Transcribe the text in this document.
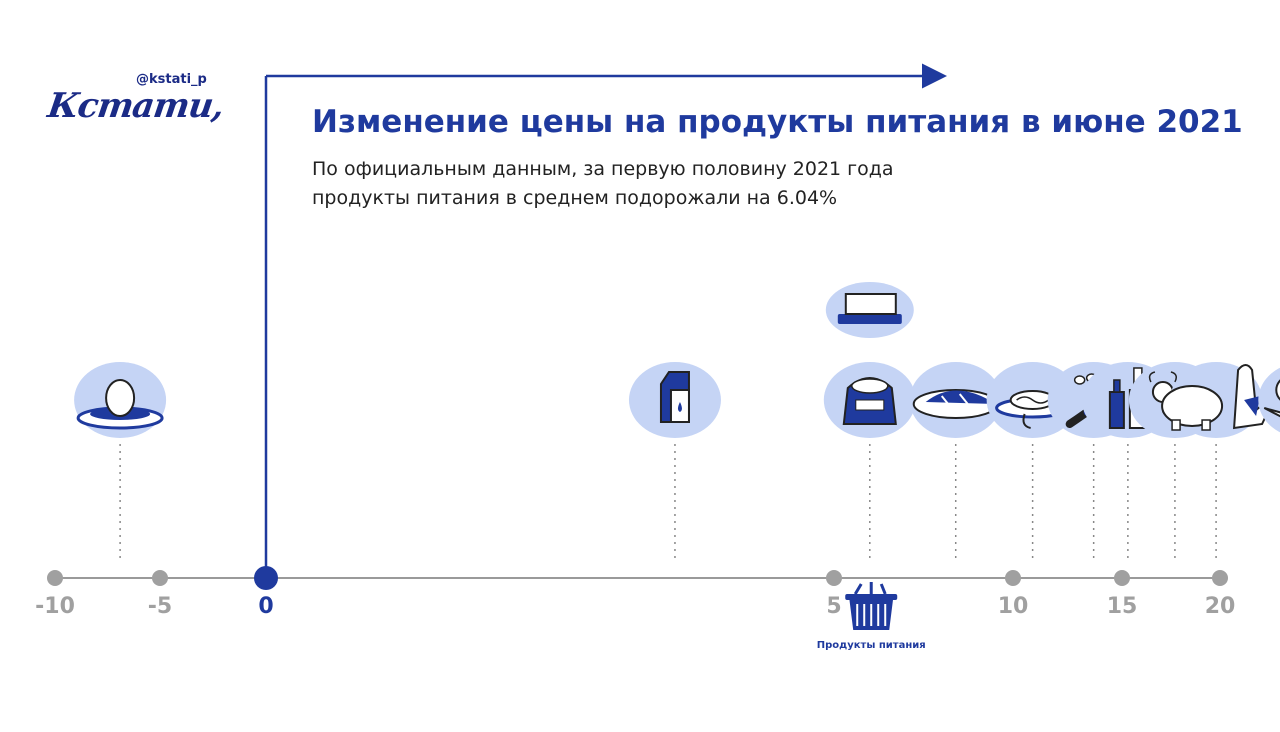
@kstati_p
Кстати,	Изменение цены на продукты питания в июне 2021
По официальным данным, за первую половину 2021 года
продукты питания в среднем подорожали на 6.04%
-10	-5	0	5	10	15	20
Продукты питания
